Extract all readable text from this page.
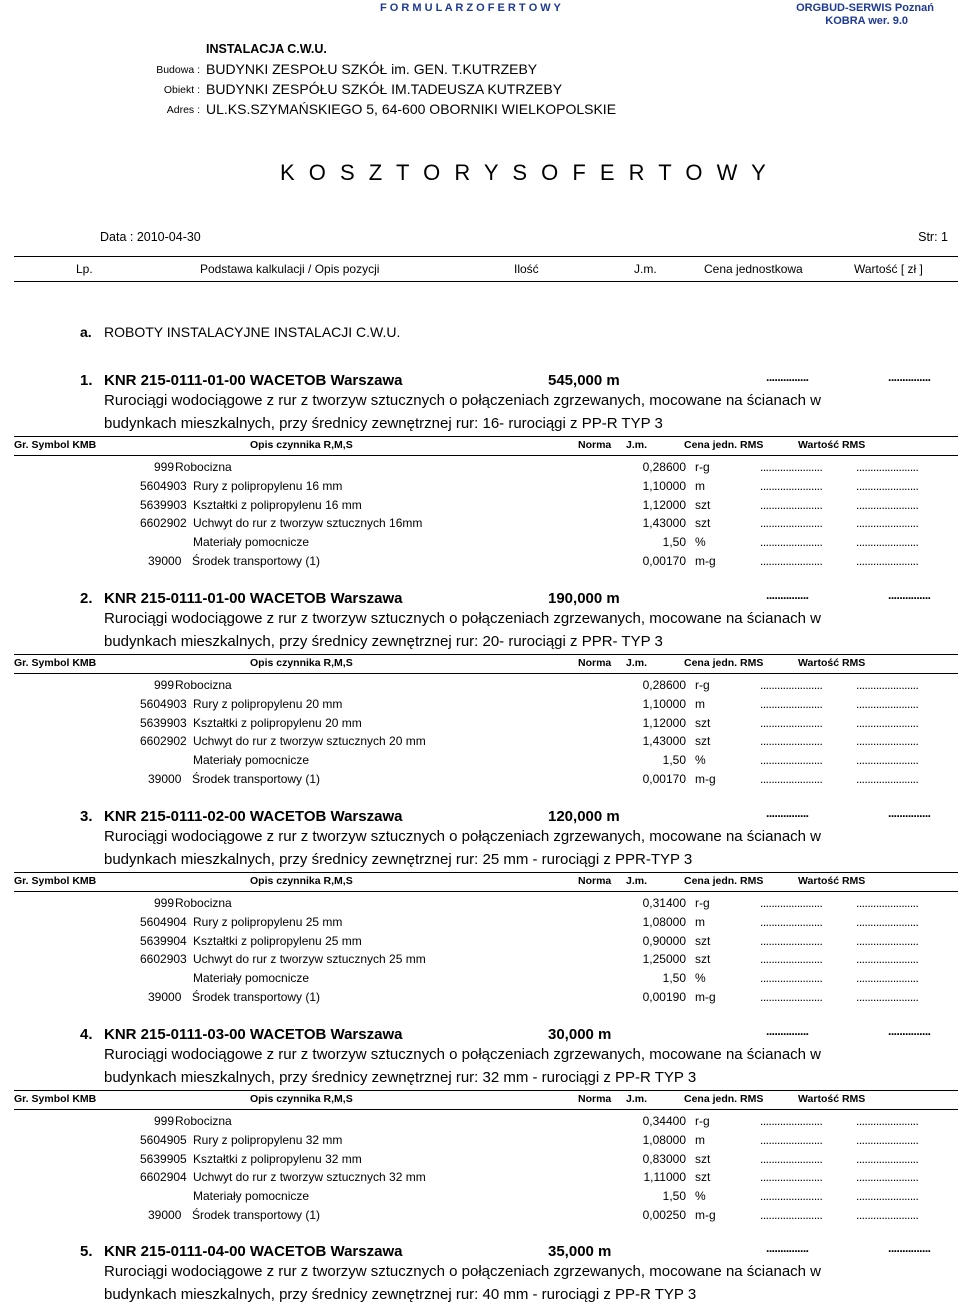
F O R M U L A R Z O F E R T O W Y	ORGBUD-SERWIS Poznań
KOBRA wer. 9.0
INSTALACJA C.W.U.
Budowa : BUDYNKI ZESPOŁU SZKÓŁ im. GEN. T.KUTRZEBY
Obiekt : BUDYNKI ZESPÓŁU SZKÓŁ IM.TADEUSZA KUTRZEBY
Adres : UL.KS.SZYMAŃSKIEGO 5, 64-600 OBORNIKI WIELKOPOLSKIE
K O S Z T O R Y S O F E R T O W Y
Data : 2010-04-30	Str: 1
Lp.	Podstawa kalkulacji / Opis pozycji	Ilość	J.m.	Cena jednostkowa	Wartość [ zł ]
a. ROBOTY INSTALACYJNE INSTALACJI C.W.U.
1. KNR 215-0111-01-00 WACETOB Warszawa	545,000 m	...............	...............
Rurociągi wodociągowe z rur z tworzyw sztucznych o połączeniach zgrzewanych, mocowane na ścianach w
budynkach mieszkalnych, przy średnicy zewnętrznej rur: 16- rurociągi z PP-R TYP 3
Gr. Symbol KMB	Opis czynnika R,M,S	Norma J.m.	Cena jedn. RMS	Wartość RMS
999 Robocizna	0,28600 r-g	......................	......................
5604903 Rury z polipropylenu 16 mm	1,10000 m	......................	......................
5639903 Kształtki z polipropylenu 16 mm	1,12000 szt	......................	......................
6602902 Uchwyt do rur z tworzyw sztucznych 16mm	1,43000 szt	......................	......................
Materiały pomocnicze	1,50 %	......................	......................
39000 Środek transportowy (1)	0,00170 m-g	......................	......................
2. KNR 215-0111-01-00 WACETOB Warszawa	190,000 m	...............	...............
Rurociągi wodociągowe z rur z tworzyw sztucznych o połączeniach zgrzewanych, mocowane na ścianach w
budynkach mieszkalnych, przy średnicy zewnętrznej rur: 20- rurociągi z PPR- TYP 3
Gr. Symbol KMB	Opis czynnika R,M,S	Norma J.m.	Cena jedn. RMS	Wartość RMS
999 Robocizna	0,28600 r-g	......................	......................
5604903 Rury z polipropylenu 20 mm	1,10000 m	......................	......................
5639903 Kształtki z polipropylenu 20 mm	1,12000 szt	......................	......................
6602902 Uchwyt do rur z tworzyw sztucznych 20 mm	1,43000 szt	......................	......................
Materiały pomocnicze	1,50 %	......................	......................
39000 Środek transportowy (1)	0,00170 m-g	......................	......................
3. KNR 215-0111-02-00 WACETOB Warszawa	120,000 m	...............	...............
Rurociągi wodociągowe z rur z tworzyw sztucznych o połączeniach zgrzewanych, mocowane na ścianach w
budynkach mieszkalnych, przy średnicy zewnętrznej rur: 25 mm - rurociągi z PPR-TYP 3
Gr. Symbol KMB	Opis czynnika R,M,S	Norma J.m.	Cena jedn. RMS	Wartość RMS
999 Robocizna	0,31400 r-g	......................	......................
5604904 Rury z polipropylenu 25 mm	1,08000 m	......................	......................
5639904 Kształtki z polipropylenu 25 mm	0,90000 szt	......................	......................
6602903 Uchwyt do rur z tworzyw sztucznych 25 mm	1,25000 szt	......................	......................
Materiały pomocnicze	1,50 %	......................	......................
39000 Środek transportowy (1)	0,00190 m-g	......................	......................
4. KNR 215-0111-03-00 WACETOB Warszawa	30,000 m	...............	...............
Rurociągi wodociągowe z rur z tworzyw sztucznych o połączeniach zgrzewanych, mocowane na ścianach w
budynkach mieszkalnych, przy średnicy zewnętrznej rur: 32 mm - rurociągi z PP-R TYP 3
Gr. Symbol KMB	Opis czynnika R,M,S	Norma J.m.	Cena jedn. RMS	Wartość RMS
999 Robocizna	0,34400 r-g	......................	......................
5604905 Rury z polipropylenu 32 mm	1,08000 m	......................	......................
5639905 Kształtki z polipropylenu 32 mm	0,83000 szt	......................	......................
6602904 Uchwyt do rur z tworzyw sztucznych 32 mm	1,11000 szt	......................	......................
Materiały pomocnicze	1,50 %	......................	......................
39000 Środek transportowy (1)	0,00250 m-g	......................	......................
5. KNR 215-0111-04-00 WACETOB Warszawa	35,000 m	...............	...............
Rurociągi wodociągowe z rur z tworzyw sztucznych o połączeniach zgrzewanych, mocowane na ścianach w
budynkach mieszkalnych, przy średnicy zewnętrznej rur: 40 mm - rurociągi z PP-R TYP 3
